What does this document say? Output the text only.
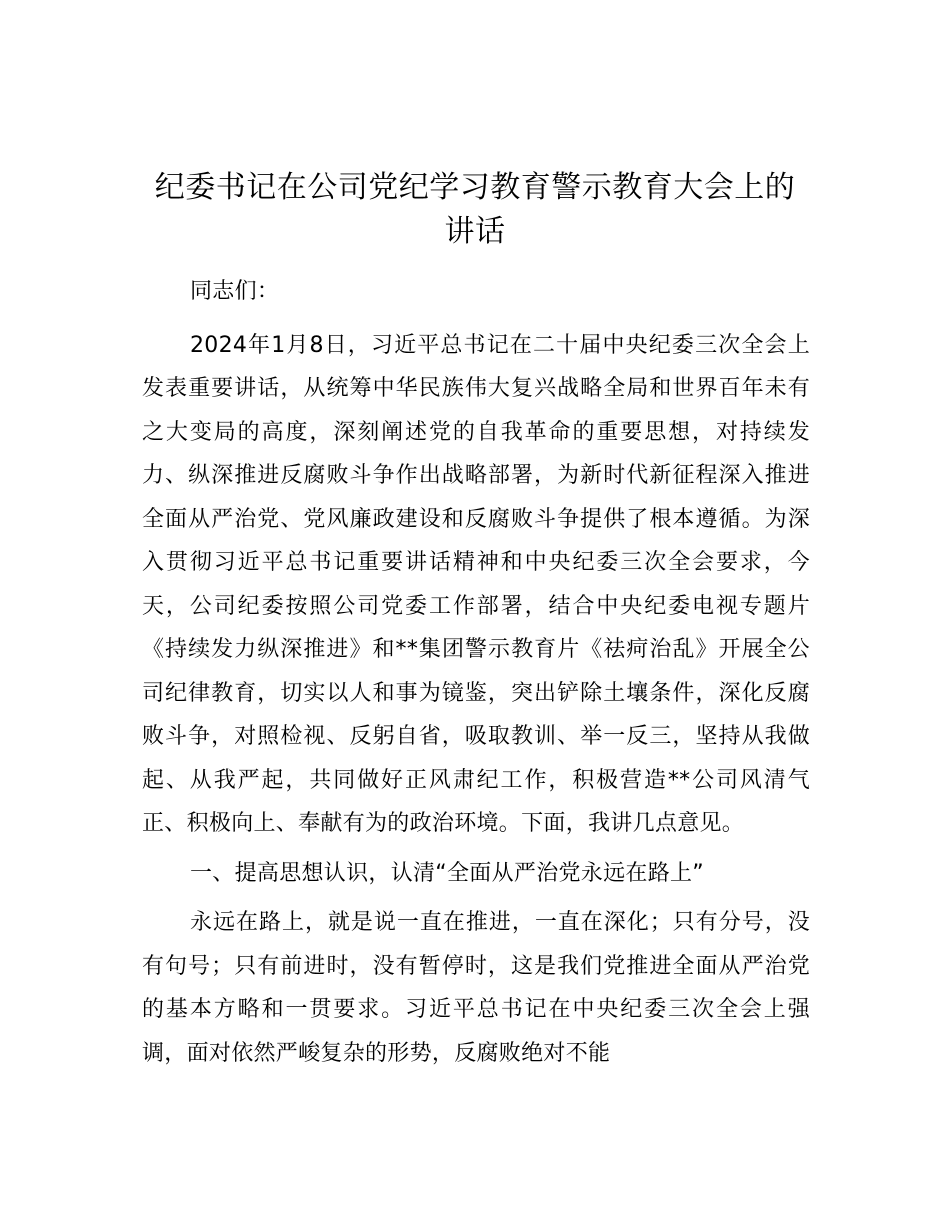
纪委书记在公司党纪学习教育警示教育大会上的讲话

同志们：

2024年1月8日，习近平总书记在二十届中央纪委三次全会上发表重要讲话，从统筹中华民族伟大复兴战略全局和世界百年未有之大变局的高度，深刻阐述党的自我革命的重要思想，对持续发力、纵深推进反腐败斗争作出战略部署，为新时代新征程深入推进全面从严治党、党风廉政建设和反腐败斗争提供了根本遵循。为深入贯彻习近平总书记重要讲话精神和中央纪委三次全会要求，今天，公司纪委按照公司党委工作部署，结合中央纪委电视专题片《持续发力纵深推进》和**集团警示教育片《祛疴治乱》开展全公司纪律教育，切实以人和事为镜鉴，突出铲除土壤条件，深化反腐败斗争，对照检视、反躬自省，吸取教训、举一反三，坚持从我做起、从我严起，共同做好正风肃纪工作，积极营造**公司风清气正、积极向上、奉献有为的政治环境。下面，我讲几点意见。

一、提高思想认识，认清“全面从严治党永远在路上”

永远在路上，就是说一直在推进，一直在深化；只有分号，没有句号；只有前进时，没有暂停时，这是我们党推进全面从严治党的基本方略和一贯要求。习近平总书记在中央纪委三次全会上强调，面对依然严峻复杂的形势，反腐败绝对不能
